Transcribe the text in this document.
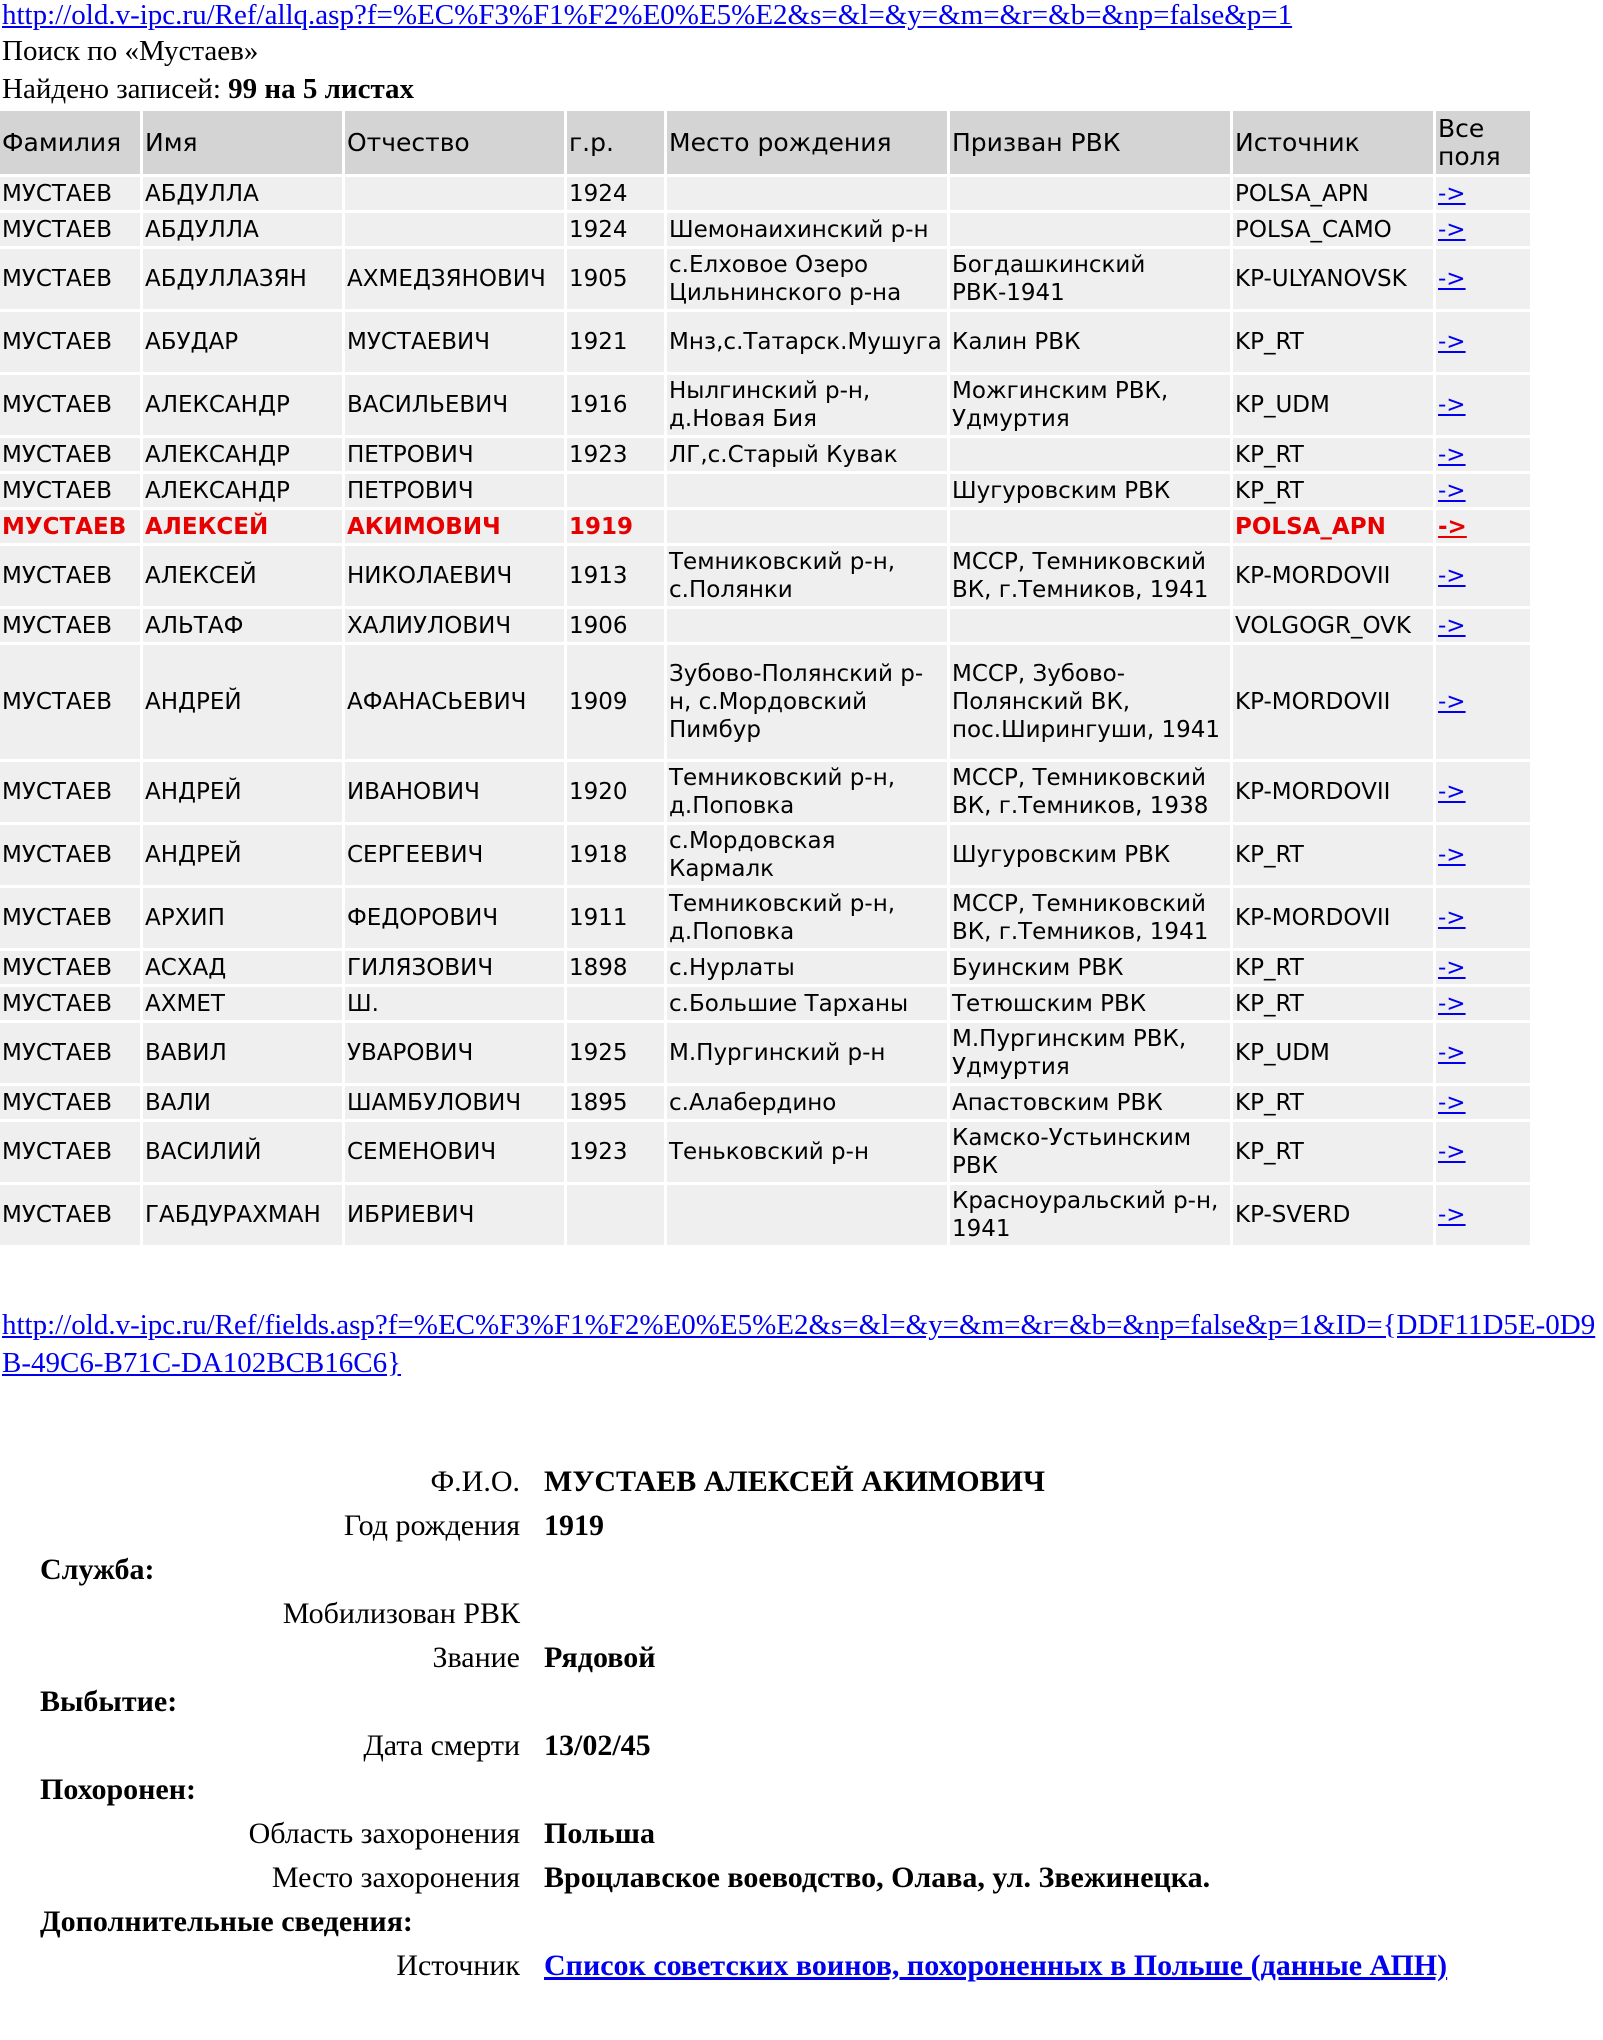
http://old.v-ipc.ru/Ref/allq.asp?f=%EC%F3%F1%F2%E0%E5%E2&s=&l=&y=&m=&r=&b=&np=false&p=1
Поиск по «Мустаев»
Найдено записей: 99 на 5 листах
Фамилия	Имя	Отчество	г.р.	Место рождения	Призван РВК	Источник	Все поля
МУСТАЕВ	АБДУЛЛА		1924			POLSA_APN	->
МУСТАЕВ	АБДУЛЛА		1924	Шемонаихинский р-н		POLSA_CAMO	->
МУСТАЕВ	АБДУЛЛАЗЯН	АХМЕДЗЯНОВИЧ	1905	с.Елховое Озеро Цильнинского р-на	Богдашкинский РВК-1941	KP-ULYANOVSK	->
МУСТАЕВ	АБУДАР	МУСТАЕВИЧ	1921	Мнз,с.Татарск.Мушуга	Калин РВК	KP_RT	->
МУСТАЕВ	АЛЕКСАНДР	ВАСИЛЬЕВИЧ	1916	Нылгинский р-н, д.Новая Бия	Можгинским РВК, Удмуртия	KP_UDM	->
МУСТАЕВ	АЛЕКСАНДР	ПЕТРОВИЧ	1923	ЛГ,с.Старый Кувак		KP_RT	->
МУСТАЕВ	АЛЕКСАНДР	ПЕТРОВИЧ			Шугуровским РВК	KP_RT	->
МУСТАЕВ	АЛЕКСЕЙ	АКИМОВИЧ	1919			POLSA_APN	->
МУСТАЕВ	АЛЕКСЕЙ	НИКОЛАЕВИЧ	1913	Темниковский р-н, с.Полянки	МССР, Темниковский ВК, г.Темников, 1941	KP-MORDOVII	->
МУСТАЕВ	АЛЬТАФ	ХАЛИУЛОВИЧ	1906			VOLGOGR_OVK	->
МУСТАЕВ	АНДРЕЙ	АФАНАСЬЕВИЧ	1909	Зубово-Полянский р-н, с.Мордовский Пимбур	МССР, Зубово-Полянский ВК, пос.Ширингуши, 1941	KP-MORDOVII	->
МУСТАЕВ	АНДРЕЙ	ИВАНОВИЧ	1920	Темниковский р-н, д.Поповка	МССР, Темниковский ВК, г.Темников, 1938	KP-MORDOVII	->
МУСТАЕВ	АНДРЕЙ	СЕРГЕЕВИЧ	1918	с.Мордовская Кармалк	Шугуровским РВК	KP_RT	->
МУСТАЕВ	АРХИП	ФЕДОРОВИЧ	1911	Темниковский р-н, д.Поповка	МССР, Темниковский ВК, г.Темников, 1941	KP-MORDOVII	->
МУСТАЕВ	АСХАД	ГИЛЯЗОВИЧ	1898	с.Нурлаты	Буинским РВК	KP_RT	->
МУСТАЕВ	АХМЕТ	Ш.		с.Большие Тарханы	Тетюшским РВК	KP_RT	->
МУСТАЕВ	ВАВИЛ	УВАРОВИЧ	1925	М.Пургинский р-н	М.Пургинским РВК, Удмуртия	KP_UDM	->
МУСТАЕВ	ВАЛИ	ШАМБУЛОВИЧ	1895	с.Алабердино	Апастовским РВК	KP_RT	->
МУСТАЕВ	ВАСИЛИЙ	СЕМЕНОВИЧ	1923	Теньковский р-н	Камско-Устьинским РВК	KP_RT	->
МУСТАЕВ	ГАБДУРАХМАН	ИБРИЕВИЧ			Красноуральский р-н, 1941	KP-SVERD	->
http://old.v-ipc.ru/Ref/fields.asp?f=%EC%F3%F1%F2%E0%E5%E2&s=&l=&y=&m=&r=&b=&np=false&p=1&ID={DDF11D5E-0D9B-49C6-B71C-DA102BCB16C6}
Ф.И.О.	МУСТАЕВ АЛЕКСЕЙ АКИМОВИЧ
Год рождения	1919
Служба:	
Мобилизован РВК	
Звание	Рядовой
Выбытие:	
Дата смерти	13/02/45
Похоронен:	
Область захоронения	Польша
Место захоронения	Вроцлавское воеводство, Олава, ул. Звежинецка.
Дополнительные сведения:	
Источник	Список советских воинов, похороненных в Польше (данные АПН)
